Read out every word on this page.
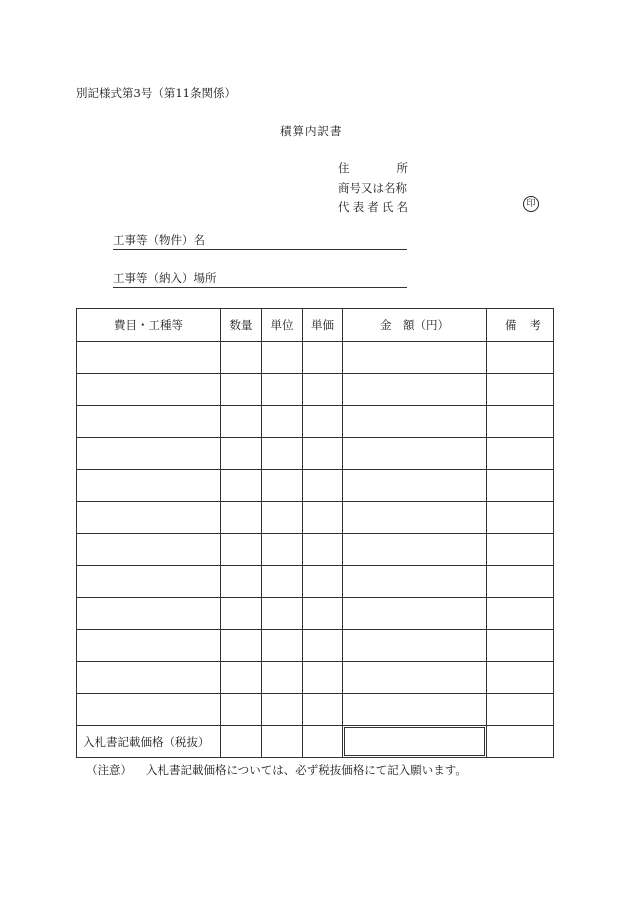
別記様式第3号（第11条関係）
積算内訳書
住	所
商号又は名称
代 表 者 氏 名	印
工事等（物件）名
工事等（納入）場所
費目・工種等	数量	単位	単価	金　額（円）	備 考

入札書記載価格（税抜）				

（注意） 入札書記載価格については、必ず税抜価格にて記入願います。
